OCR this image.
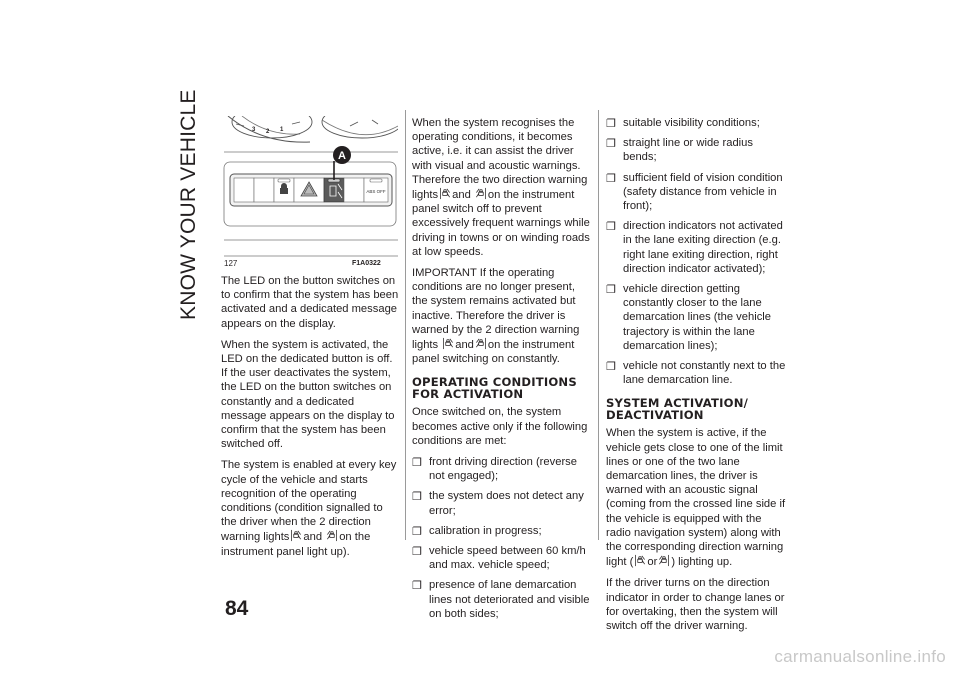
KNOW YOUR VEHICLE	3 2 1
ABS OFF
A
127	F1A0322

The LED on the button switches on to confirm that the system has been activated and a dedicated message appears on the display.

When the system is activated, the LED on the dedicated button is off. If the user deactivates the system, the LED on the button switches on constantly and a dedicated message appears on the display to confirm that the system has been switched off.

The system is enabled at every key cycle of the vehicle and starts recognition of the operating conditions (condition signalled to the driver when the 2 direction warning lights and on the instrument panel light up).

When the system recognises the operating conditions, it becomes active, i.e. it can assist the driver with visual and acoustic warnings. Therefore the two direction warning lights and on the instrument panel switch off to prevent excessively frequent warnings while driving in towns or on winding roads at low speeds.

IMPORTANT If the operating conditions are no longer present, the system remains activated but inactive. Therefore the driver is warned by the 2 direction warning lights and on the instrument panel switching on constantly.

OPERATING CONDITIONS FOR ACTIVATION

Once switched on, the system becomes active only if the following conditions are met:

❐ front driving direction (reverse not engaged);
❐ the system does not detect any error;
❐ calibration in progress;
❐ vehicle speed between 60 km/h and max. vehicle speed;
❐ presence of lane demarcation lines not deteriorated and visible on both sides;
❐ suitable visibility conditions;
❐ straight line or wide radius bends;
❐ sufficient field of vision condition (safety distance from vehicle in front);
❐ direction indicators not activated in the lane exiting direction (e.g. right lane exiting direction, right direction indicator activated);
❐ vehicle direction getting constantly closer to the lane demarcation lines (the vehicle trajectory is within the lane demarcation lines);
❐ vehicle not constantly next to the lane demarcation line.
SYSTEM ACTIVATION/ DEACTIVATION

When the system is active, if the vehicle gets close to one of the limit lines or one of the two lane demarcation lines, the driver is warned with an acoustic signal (coming from the crossed line side if the vehicle is equipped with the radio navigation system) along with the corresponding direction warning light ( or ) lighting up.

If the driver turns on the direction indicator in order to change lanes or for overtaking, then the system will switch off the driver warning.

84
carmanualsonline.info
